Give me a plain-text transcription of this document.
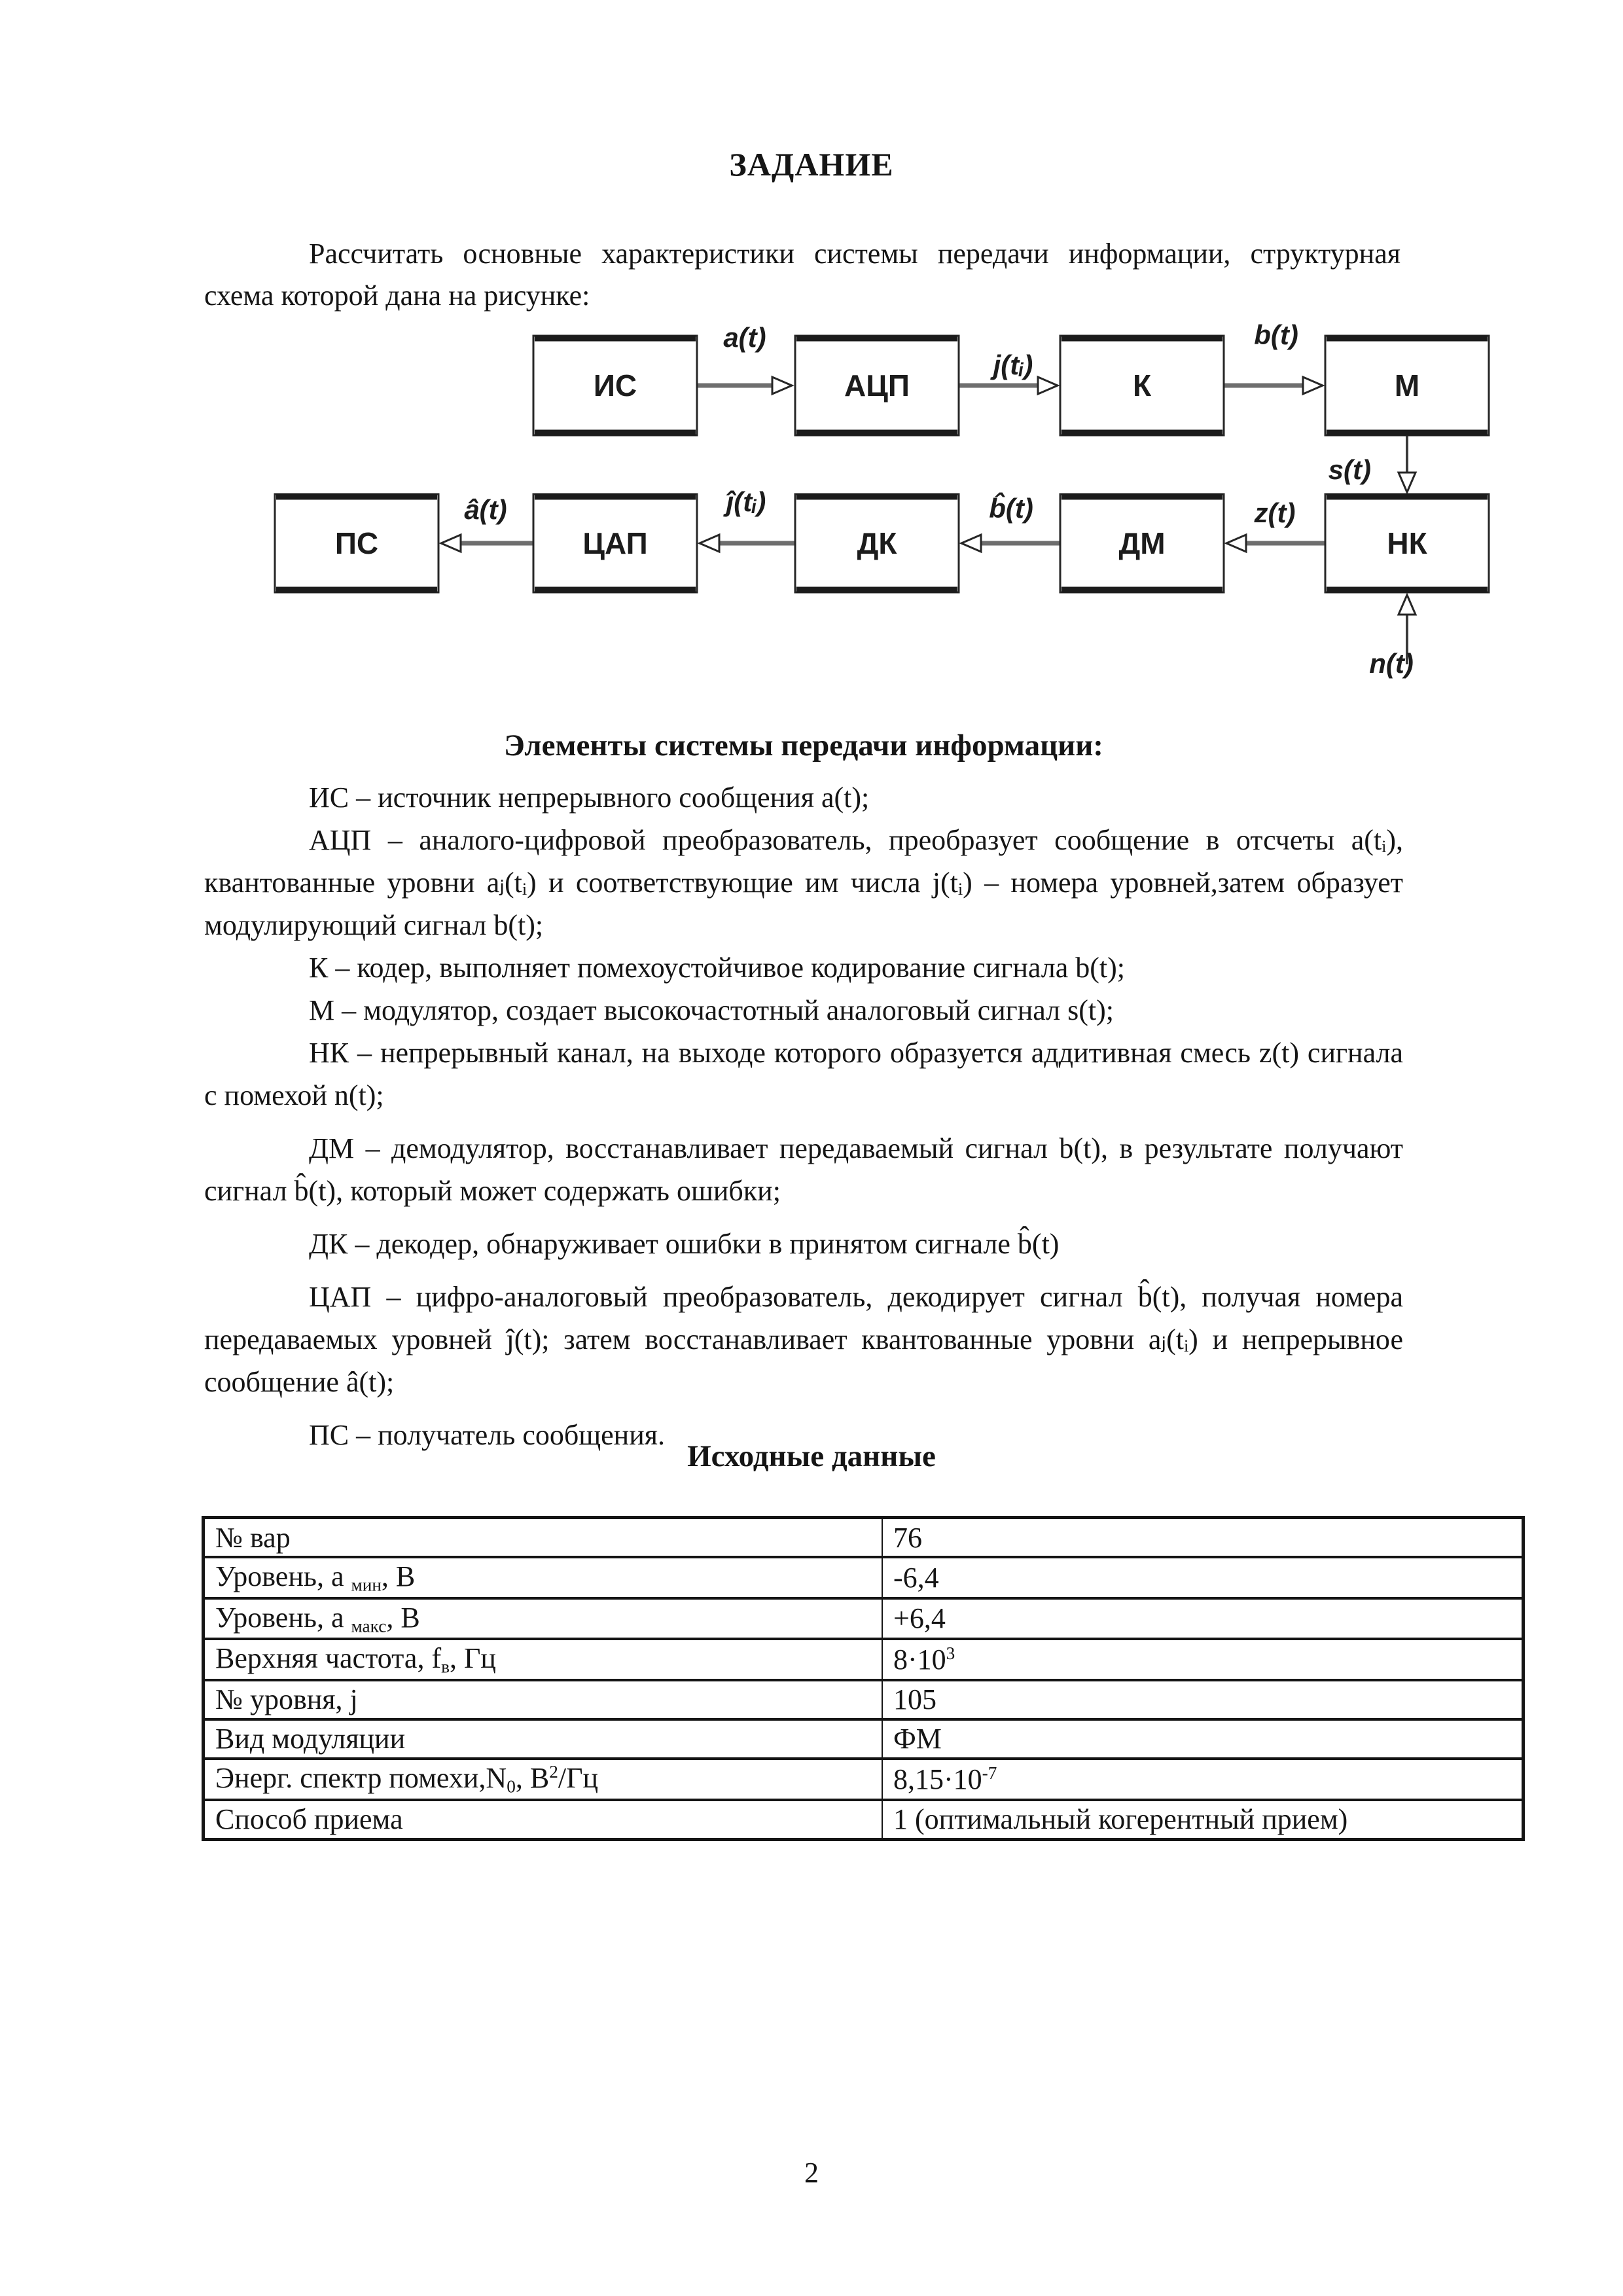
ЗАДАНИЕ
Рассчитать основные характеристики системы передачи информации, структурная схема которой дана на рисунке:
ИС	АЦП	К	М
ПС	ЦАП	ДК	ДМ	НК
a(t)
j(tᵢ)
b(t)
s(t)
z(t)
b̂(t)
ĵ(tᵢ)
â(t)
n(t)
Элементы системы передачи информации:

ИС – источник непрерывного сообщения a(t);

АЦП – аналого-цифровой преобразователь, преобразует сообщение в отсчеты a(tᵢ), квантованные уровни aⱼ(tᵢ) и соответствующие им числа j(tᵢ) – номера уровней,затем образует модулирующий сигнал b(t);

К – кодер, выполняет помехоустойчивое кодирование сигнала b(t);

М – модулятор, создает высокочастотный аналоговый сигнал s(t);

НК – непрерывный канал, на выходе которого образуется аддитивная смесь z(t) сигнала с помехой n(t);

ДМ – демодулятор, восстанавливает передаваемый сигнал b(t), в результате получают сигнал b̂(t), который может содержать ошибки;

ДК – декодер, обнаруживает ошибки в принятом сигнале b̂(t)

ЦАП – цифро-аналоговый преобразователь, декодирует сигнал b̂(t), получая номера передаваемых уровней ĵ(t); затем восстанавливает квантованные уровни aⱼ(tᵢ) и непрерывное сообщение â(t);

ПС – получатель сообщения.

Исходные данные
№ вар	76
Уровень, а $_{мин}$, В	-6,4
Уровень, а $_{макс}$, В	+6,4
Верхняя частота, $f_в$, Гц	$8\cdot 10^3$
№ уровня, j	105
Вид модуляции	ФМ
Энерг. спектр $помехи,N_0$, $В^2/Гц$	$8,15\cdot 10^{-7}$
Способ приема	1 (оптимальный когерентный прием)
2
